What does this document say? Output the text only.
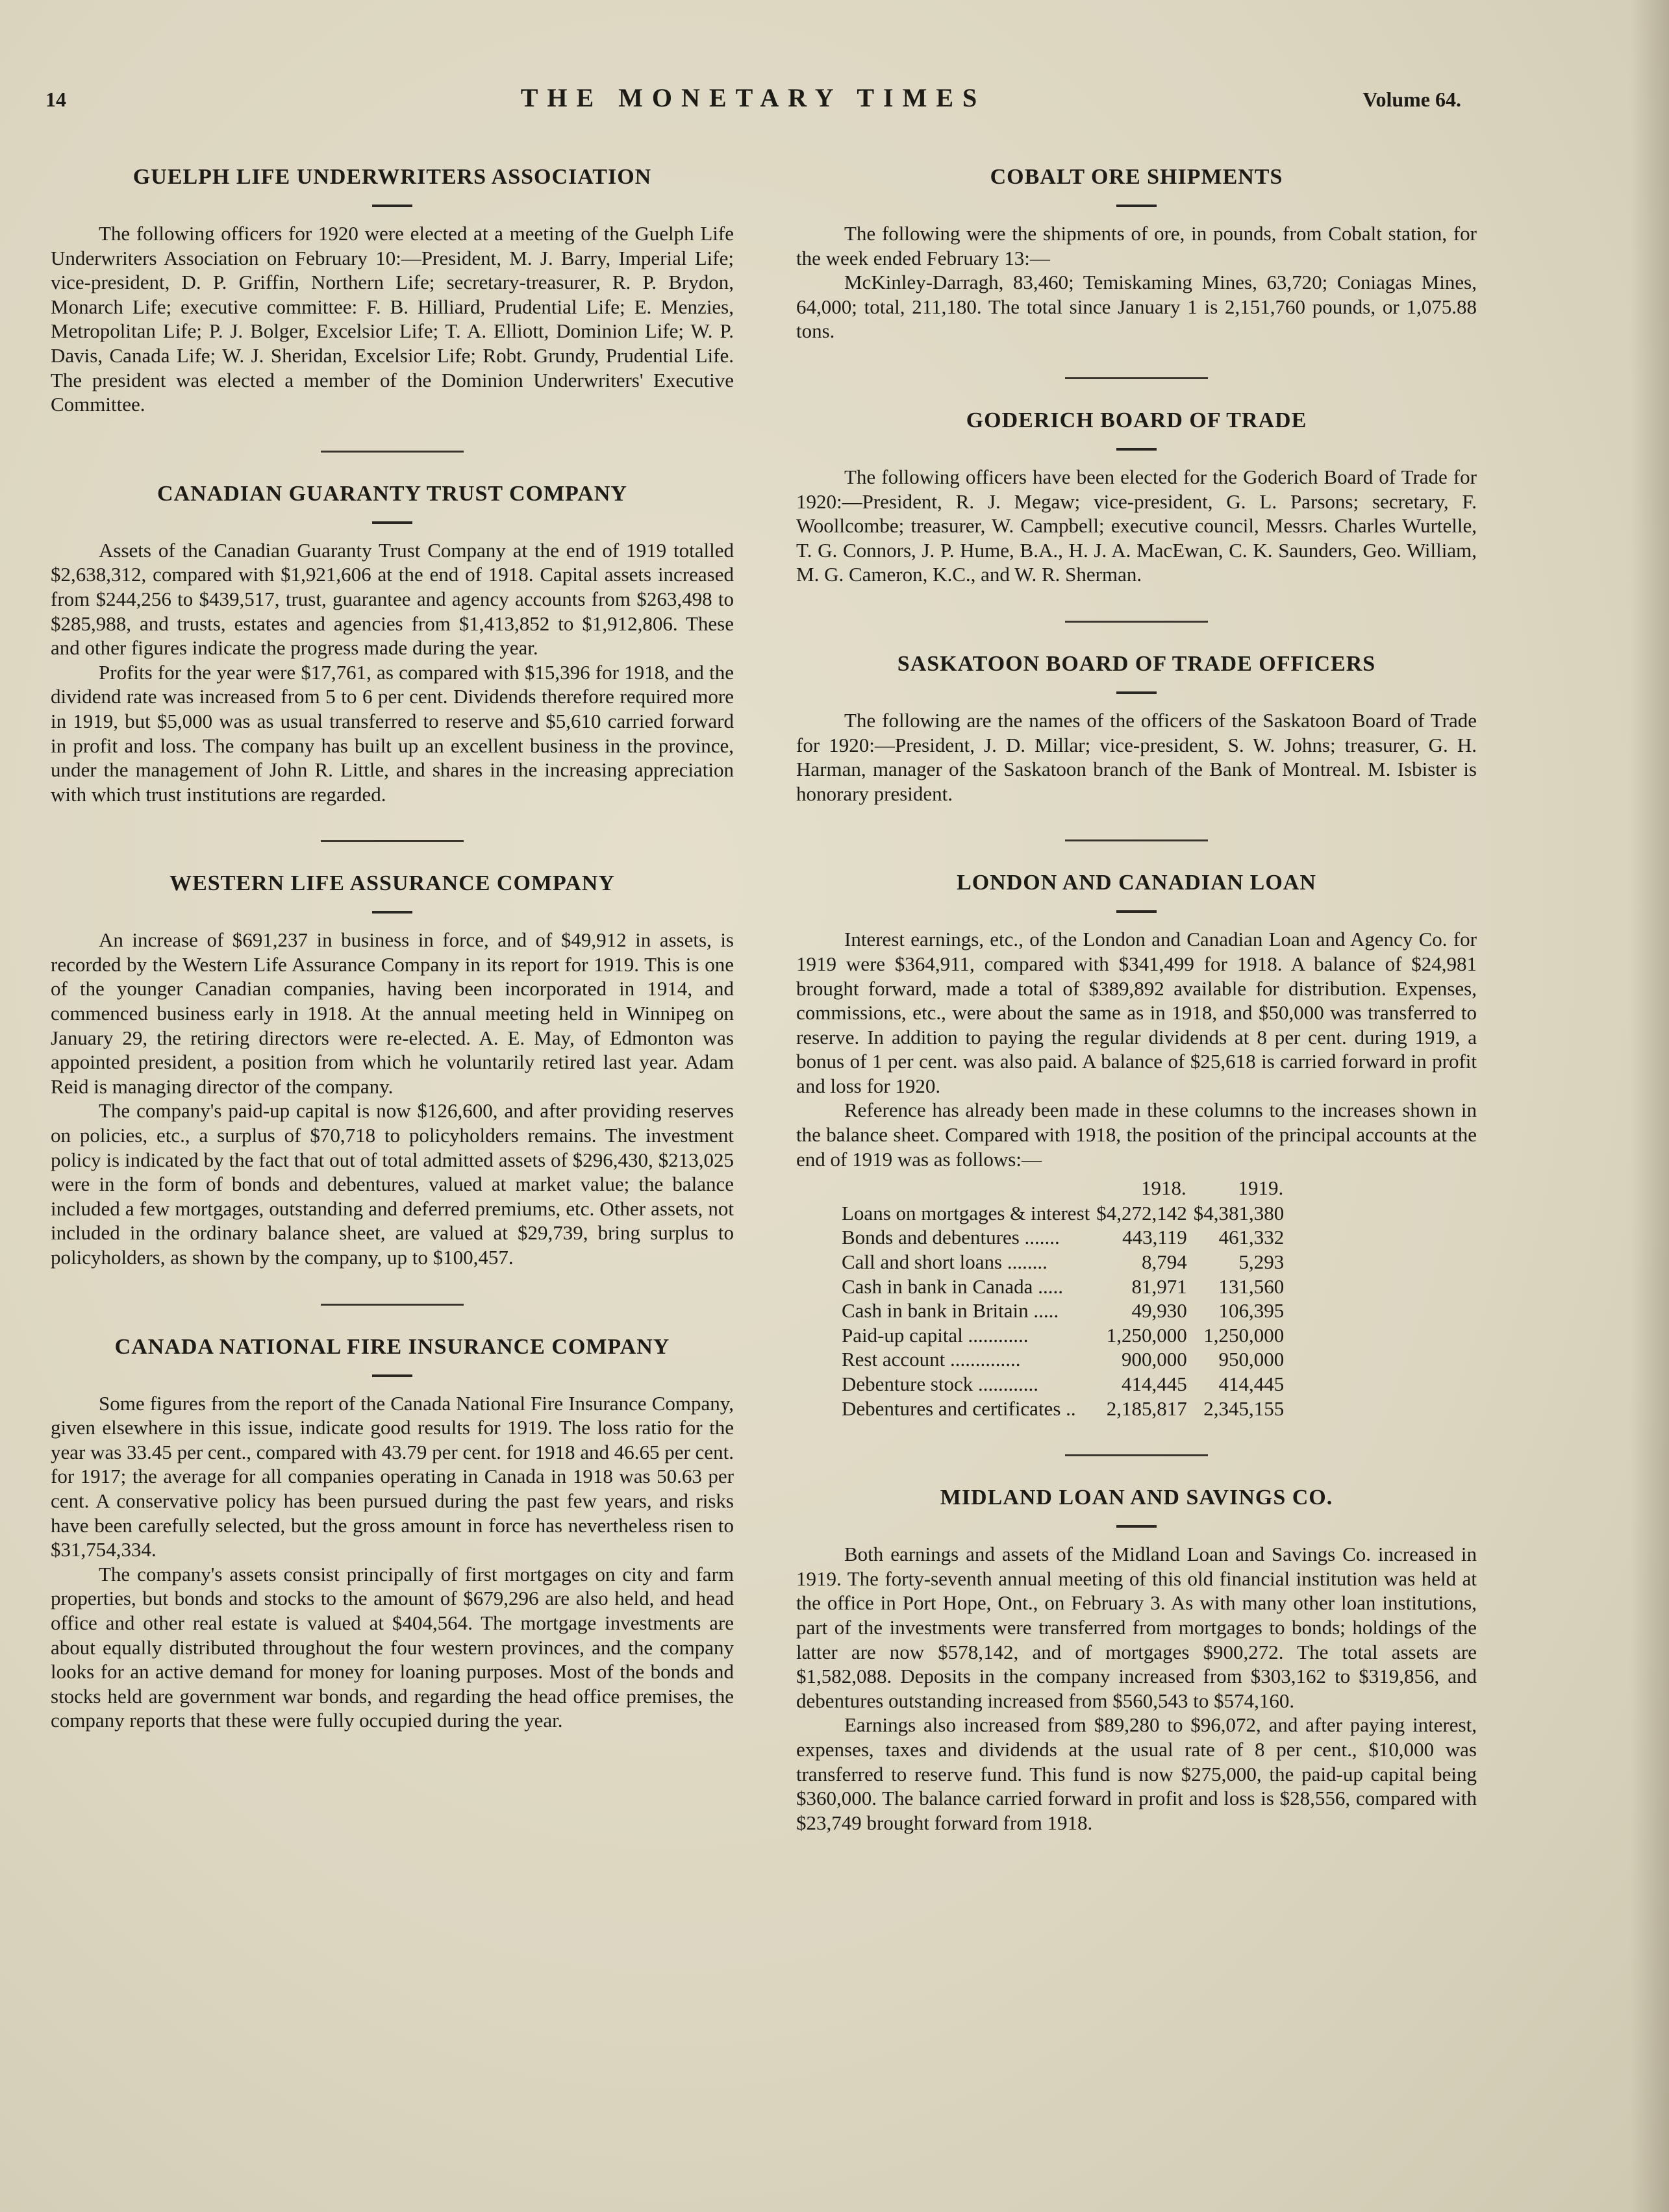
14	THE MONETARY TIMES	Volume 64.
GUELPH LIFE UNDERWRITERS ASSOCIATION

The following officers for 1920 were elected at a meeting of the Guelph Life Underwriters Association on February 10:—President, M. J. Barry, Imperial Life; vice-president, D. P. Griffin, Northern Life; secretary-treasurer, R. P. Brydon, Monarch Life; executive committee: F. B. Hilliard, Prudential Life; E. Menzies, Metropolitan Life; P. J. Bolger, Excelsior Life; T. A. Elliott, Dominion Life; W. P. Davis, Canada Life; W. J. Sheridan, Excelsior Life; Robt. Grundy, Prudential Life. The president was elected a member of the Dominion Underwriters' Executive Committee.

CANADIAN GUARANTY TRUST COMPANY

Assets of the Canadian Guaranty Trust Company at the end of 1919 totalled $2,638,312, compared with $1,921,606 at the end of 1918. Capital assets increased from $244,256 to $439,517, trust, guarantee and agency accounts from $263,498 to $285,988, and trusts, estates and agencies from $1,413,852 to $1,912,806. These and other figures indicate the progress made during the year.

Profits for the year were $17,761, as compared with $15,396 for 1918, and the dividend rate was increased from 5 to 6 per cent. Dividends therefore required more in 1919, but $5,000 was as usual transferred to reserve and $5,610 carried forward in profit and loss. The company has built up an excellent business in the province, under the management of John R. Little, and shares in the increasing appreciation with which trust institutions are regarded.

WESTERN LIFE ASSURANCE COMPANY

An increase of $691,237 in business in force, and of $49,912 in assets, is recorded by the Western Life Assurance Company in its report for 1919. This is one of the younger Canadian companies, having been incorporated in 1914, and commenced business early in 1918. At the annual meeting held in Winnipeg on January 29, the retiring directors were re-elected. A. E. May, of Edmonton was appointed president, a position from which he voluntarily retired last year. Adam Reid is managing director of the company.

The company's paid-up capital is now $126,600, and after providing reserves on policies, etc., a surplus of $70,718 to policyholders remains. The investment policy is indicated by the fact that out of total admitted assets of $296,430, $213,025 were in the form of bonds and debentures, valued at market value; the balance included a few mortgages, outstanding and deferred premiums, etc. Other assets, not included in the ordinary balance sheet, are valued at $29,739, bring surplus to policyholders, as shown by the company, up to $100,457.

CANADA NATIONAL FIRE INSURANCE COMPANY

Some figures from the report of the Canada National Fire Insurance Company, given elsewhere in this issue, indicate good results for 1919. The loss ratio for the year was 33.45 per cent., compared with 43.79 per cent. for 1918 and 46.65 per cent. for 1917; the average for all companies operating in Canada in 1918 was 50.63 per cent. A conservative policy has been pursued during the past few years, and risks have been carefully selected, but the gross amount in force has nevertheless risen to $31,754,334.

The company's assets consist principally of first mortgages on city and farm properties, but bonds and stocks to the amount of $679,296 are also held, and head office and other real estate is valued at $404,564. The mortgage investments are about equally distributed throughout the four western provinces, and the company looks for an active demand for money for loaning purposes. Most of the bonds and stocks held are government war bonds, and regarding the head office premises, the company reports that these were fully occupied during the year.

COBALT ORE SHIPMENTS

The following were the shipments of ore, in pounds, from Cobalt station, for the week ended February 13:—

McKinley-Darragh, 83,460; Temiskaming Mines, 63,720; Coniagas Mines, 64,000; total, 211,180. The total since January 1 is 2,151,760 pounds, or 1,075.88 tons.

GODERICH BOARD OF TRADE

The following officers have been elected for the Goderich Board of Trade for 1920:—President, R. J. Megaw; vice-president, G. L. Parsons; secretary, F. Woollcombe; treasurer, W. Campbell; executive council, Messrs. Charles Wurtelle, T. G. Connors, J. P. Hume, B.A., H. J. A. MacEwan, C. K. Saunders, Geo. William, M. G. Cameron, K.C., and W. R. Sherman.

SASKATOON BOARD OF TRADE OFFICERS

The following are the names of the officers of the Saskatoon Board of Trade for 1920:—President, J. D. Millar; vice-president, S. W. Johns; treasurer, G. H. Harman, manager of the Saskatoon branch of the Bank of Montreal. M. Isbister is honorary president.

LONDON AND CANADIAN LOAN

Interest earnings, etc., of the London and Canadian Loan and Agency Co. for 1919 were $364,911, compared with $341,499 for 1918. A balance of $24,981 brought forward, made a total of $389,892 available for distribution. Expenses, commissions, etc., were about the same as in 1918, and $50,000 was transferred to reserve. In addition to paying the regular dividends at 8 per cent. during 1919, a bonus of 1 per cent. was also paid. A balance of $25,618 is carried forward in profit and loss for 1920.

Reference has already been made in these columns to the increases shown in the balance sheet. Compared with 1918, the position of the principal accounts at the end of 1919 was as follows:—

	1918.	1919.
Loans on mortgages & interest	$4,272,142	$4,381,380
Bonds and debentures .......	443,119	461,332
Call and short loans ........	8,794	5,293
Cash in bank in Canada .....	81,971	131,560
Cash in bank in Britain .....	49,930	106,395
Paid-up capital ............	1,250,000	1,250,000
Rest account ..............	900,000	950,000
Debenture stock ............	414,445	414,445
Debentures and certificates ..	2,185,817	2,345,155
MIDLAND LOAN AND SAVINGS CO.

Both earnings and assets of the Midland Loan and Savings Co. increased in 1919. The forty-seventh annual meeting of this old financial institution was held at the office in Port Hope, Ont., on February 3. As with many other loan institutions, part of the investments were transferred from mortgages to bonds; holdings of the latter are now $578,142, and of mortgages $900,272. The total assets are $1,582,088. Deposits in the company increased from $303,162 to $319,856, and debentures outstanding increased from $560,543 to $574,160.

Earnings also increased from $89,280 to $96,072, and after paying interest, expenses, taxes and dividends at the usual rate of 8 per cent., $10,000 was transferred to reserve fund. This fund is now $275,000, the paid-up capital being $360,000. The balance carried forward in profit and loss is $28,556, compared with $23,749 brought forward from 1918.
